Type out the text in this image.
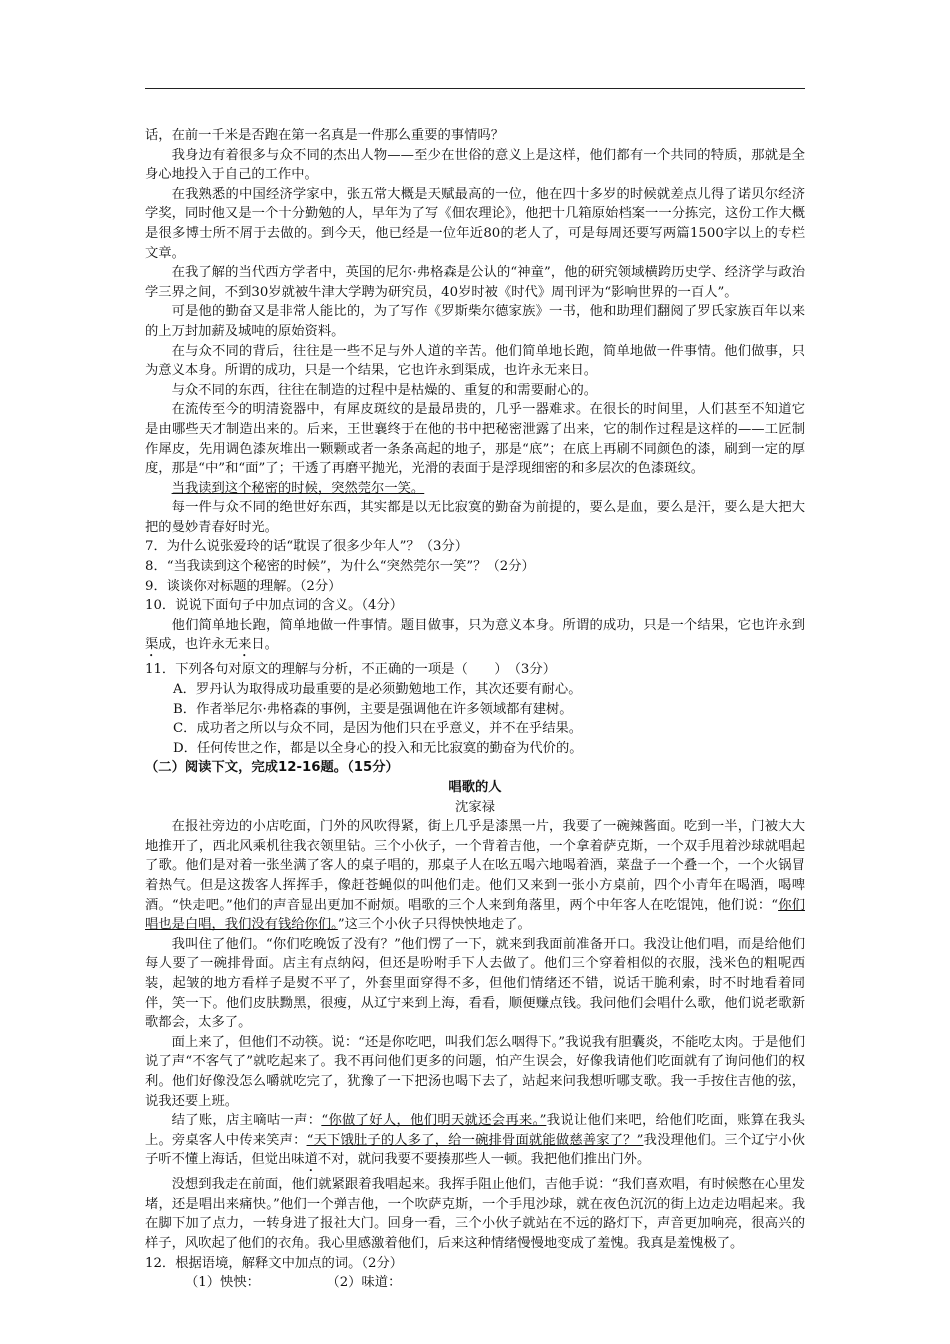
话，在前一千米是否跑在第一名真是一件那么重要的事情吗？

我身边有着很多与众不同的杰出人物——至少在世俗的意义上是这样，他们都有一个共同的特质，那就是全身心地投入于自己的工作中。

在我熟悉的中国经济学家中，张五常大概是天赋最高的一位，他在四十多岁的时候就差点儿得了诺贝尔经济学奖，同时他又是一个十分勤勉的人，早年为了写《佃农理论》，他把十几箱原始档案一一分拣完，这份工作大概是很多博士所不屑于去做的。到今天，他已经是一位年近80的老人了，可是每周还要写两篇1500字以上的专栏文章。

在我了解的当代西方学者中，英国的尼尔·弗格森是公认的“神童”，他的研究领域横跨历史学、经济学与政治学三界之间，不到30岁就被牛津大学聘为研究员，40岁时被《时代》周刊评为“影响世界的一百人”。

可是他的勤奋又是非常人能比的，为了写作《罗斯柴尔德家族》一书，他和助理们翻阅了罗氏家族百年以来的上万封加薪及城吨的原始资料。

在与众不同的背后，往往是一些不足与外人道的辛苦。他们简单地长跑，简单地做一件事情。他们做事，只为意义本身。所谓的成功，只是一个结果，它也许永到渠成，也许永无来日。

与众不同的东西，往往在制造的过程中是枯燥的、重复的和需要耐心的。

在流传至今的明清瓷器中，有犀皮斑纹的是最昂贵的，几乎一器难求。在很长的时间里，人们甚至不知道它是由哪些天才制造出来的。后来，王世襄终于在他的书中把秘密泄露了出来，它的制作过程是这样的——工匠制作犀皮，先用调色漆灰堆出一颗颗或者一条条高起的地子，那是“底”；在底上再刷不同颜色的漆，刷到一定的厚度，那是“中”和“面”了；干透了再磨平抛光，光滑的表面于是浮现细密的和多层次的色漆斑纹。

当我读到这个秘密的时候，突然莞尔一笑。

每一件与众不同的绝世好东西，其实都是以无比寂寞的勤奋为前提的，要么是血，要么是汗，要么是大把大把的曼妙青春好时光。

7．为什么说张爱玲的话“耽误了很多少年人”？（3分）

8．“当我读到这个秘密的时候”，为什么“突然莞尔一笑”？（2分）

9．谈谈你对标题的理解。（2分）

10．说说下面句子中加点词的含义。（4分）

他们简单地长跑，简单地做一件事情。题目做事，只为意义本身。所谓的成功，只是一个结果，它也许永到渠成，也许永无来日。

11．下列各句对原文的理解与分析，不正确的一项是（　　）　（3分）

A．罗丹认为取得成功最重要的是必须勤勉地工作，其次还要有耐心。

B．作者举尼尔·弗格森的事例，主要是强调他在许多领域都有建树。

C．成功者之所以与众不同，是因为他们只在乎意义，并不在乎结果。

D．任何传世之作，都是以全身心的投入和无比寂寞的勤奋为代价的。

（二）阅读下文，完成12-16题。（15分）

唱歌的人

沈家禄

在报社旁边的小店吃面，门外的风吹得紧，街上几乎是漆黑一片，我要了一碗辣酱面。吃到一半，门被大大地推开了，西北风乘机往我衣领里钻。三个小伙子，一个背着吉他，一个拿着萨克斯，一个双手甩着沙球就唱起了歌。他们是对着一张坐满了客人的桌子唱的，那桌子人在吆五喝六地喝着酒，菜盘子一个叠一个，一个火锅冒着热气。但是这拨客人挥挥手，像赶苍蝇似的叫他们走。他们又来到一张小方桌前，四个小青年在喝酒，喝啤酒。“快走吧。”他们的声音显出更加不耐烦。唱歌的三个人来到角落里，两个中年客人在吃馄饨，他们说：“你们唱也是白唱，我们没有钱给你们。”这三个小伙子只得怏怏地走了。

我叫住了他们。“你们吃晚饭了没有？”他们愣了一下，就来到我面前准备开口。我没让他们唱，而是给他们每人要了一碗排骨面。店主有点纳闷，但还是吩咐手下人去做了。他们三个穿着相似的衣服，浅米色的粗呢西装，起皱的地方看样子是熨不平了，外套里面穿得不多，但他们情绪还不错，说话干脆利索，时不时地看着同伴，笑一下。他们皮肤黝黑，很瘦，从辽宁来到上海，看看，顺便赚点钱。我问他们会唱什么歌，他们说老歌新歌都会，太多了。

面上来了，但他们不动筷。说：“还是你吃吧，叫我们怎么咽得下。”我说我有胆囊炎，不能吃太肉。于是他们说了声“不客气了”就吃起来了。我不再问他们更多的问题，怕产生误会，好像我请他们吃面就有了询问他们的权利。他们好像没怎么嚼就吃完了，犹豫了一下把汤也喝下去了，站起来问我想听哪支歌。我一手按住吉他的弦，说我还要上班。

结了账，店主嘀咕一声：“你做了好人，他们明天就还会再来。”我说让他们来吧，给他们吃面，账算在我头上。旁桌客人中传来笑声：“天下饿肚子的人多了，给一碗排骨面就能做慈善家了？”我没理他们。三个辽宁小伙子听不懂上海话，但觉出味道不对，就问我要不要揍那些人一顿。我把他们推出门外。

没想到我走在前面，他们就紧跟着我唱起来。我挥手阻止他们，吉他手说：“我们喜欢唱，有时候憋在心里发堵，还是唱出来痛快。”他们一个弹吉他，一个吹萨克斯，一个手甩沙球，就在夜色沉沉的街上边走边唱起来。我在脚下加了点力，一转身进了报社大门。回身一看，三个小伙子就站在不远的路灯下，声音更加响亮，很高兴的样子，风吹起了他们的衣角。我心里感激着他们，后来这种情绪慢慢地变成了羞愧。我真是羞愧极了。

12．根据语境，解释文中加点的词。（2分）

（1）怏怏：　　　　　　（2）味道：
